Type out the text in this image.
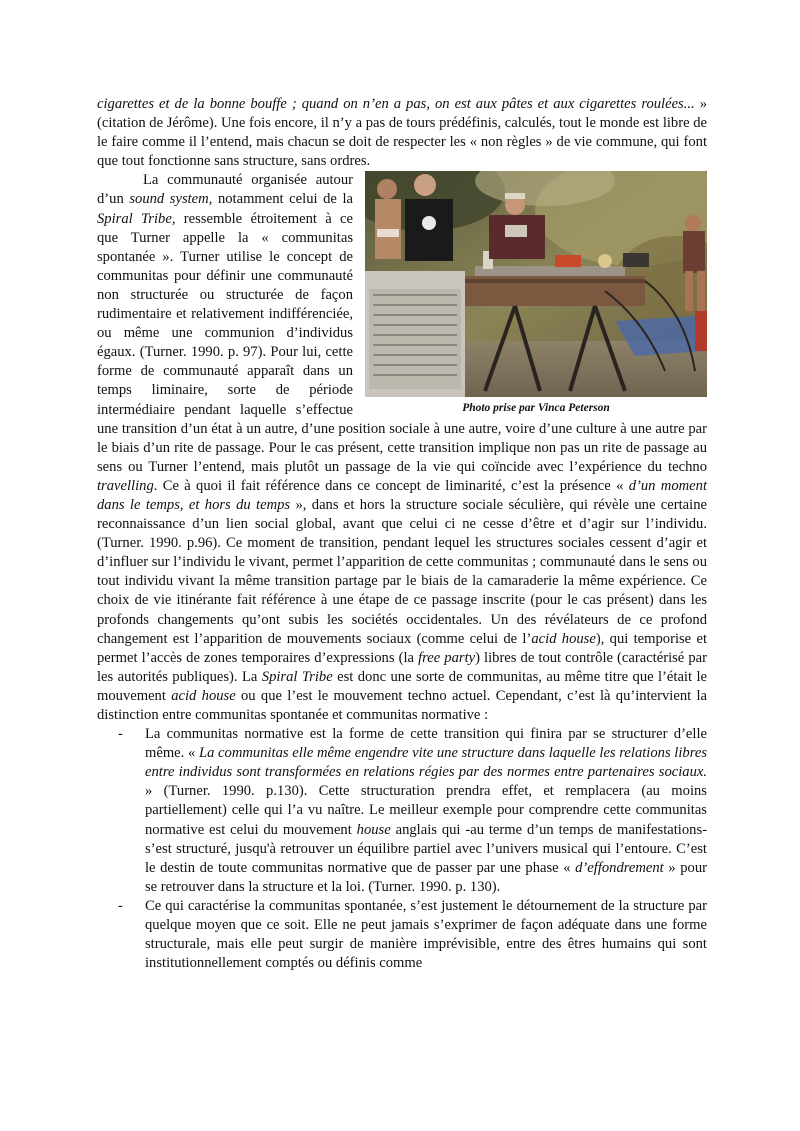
cigarettes et de la bonne bouffe ; quand on n’en a pas, on est aux pâtes et aux cigarettes roulées... » (citation de Jérôme). Une fois encore, il n’y a pas de tours prédéfinis, calculés, tout le monde est libre de le faire comme il l’entend, mais chacun se doit de respecter les « non règles » de vie commune, qui font que tout fonctionne sans structure, sans ordres.

Photo prise par Vinca Peterson

La communauté organisée autour d’un sound system, notamment celui de la Spiral Tribe, ressemble étroitement à ce que Turner appelle la « communitas spontanée ». Turner utilise le concept de communitas pour définir une communauté non structurée ou structurée de façon rudimentaire et relativement indifférenciée, ou même une communion d’individus égaux. (Turner. 1990. p. 97). Pour lui, cette forme de communauté apparaît dans un temps liminaire, sorte de période intermédiaire pendant laquelle s’effectue une transition d’un état à un autre, d’une position sociale à une autre, voire d’une culture à une autre par le biais d’un rite de passage. Pour le cas présent, cette transition implique non pas un rite de passage au sens ou Turner l’entend, mais plutôt un passage de la vie qui coïncide avec l’expérience du techno travelling. Ce à quoi il fait référence dans ce concept de liminarité, c’est la présence « d’un moment dans le temps, et hors du temps », dans et hors la structure sociale séculière, qui révèle une certaine reconnaissance d’un lien social global, avant que celui ci ne cesse d’être et d’agir sur l’individu. (Turner. 1990. p.96). Ce moment de transition, pendant lequel les structures sociales cessent d’agir et d’influer sur l’individu le vivant, permet l’apparition de cette communitas ; communauté dans le sens ou tout individu vivant la même transition partage par le biais de la camaraderie la même expérience. Ce choix de vie itinérante fait référence à une étape de ce passage inscrite (pour le cas présent) dans les profonds changements qu’ont subis les sociétés occidentales. Un des révélateurs de ce profond changement est l’apparition de mouvements sociaux (comme celui de l’acid house), qui temporise et permet l’accès de zones temporaires d’expressions (la free party) libres de tout contrôle (caractérisé par les autorités publiques). La Spiral Tribe est donc une sorte de communitas, au même titre que l’était le mouvement acid house ou que l’est le mouvement techno actuel. Cependant, c’est là qu’intervient la distinction entre communitas spontanée et communitas normative :

- La communitas normative est la forme de cette transition qui finira par se structurer d’elle même. « La communitas elle même engendre vite une structure dans laquelle les relations libres entre individus sont transformées en relations régies par des normes entre partenaires sociaux. » (Turner. 1990. p.130). Cette structuration prendra effet, et remplacera (au moins partiellement) celle qui l’a vu naître. Le meilleur exemple pour comprendre cette communitas normative est celui du mouvement house anglais qui -au terme d’un temps de manifestations- s’est structuré, jusqu'à retrouver un équilibre partiel avec l’univers musical qui l’entoure. C’est le destin de toute communitas normative que de passer par une phase « d’effondrement » pour se retrouver dans la structure et la loi. (Turner. 1990. p. 130).
- Ce qui caractérise la communitas spontanée, s’est justement le détournement de la structure par quelque moyen que ce soit. Elle ne peut jamais s’exprimer de façon adéquate dans une forme structurale, mais elle peut surgir de manière imprévisible, entre des êtres humains qui sont institutionnellement comptés ou définis comme
